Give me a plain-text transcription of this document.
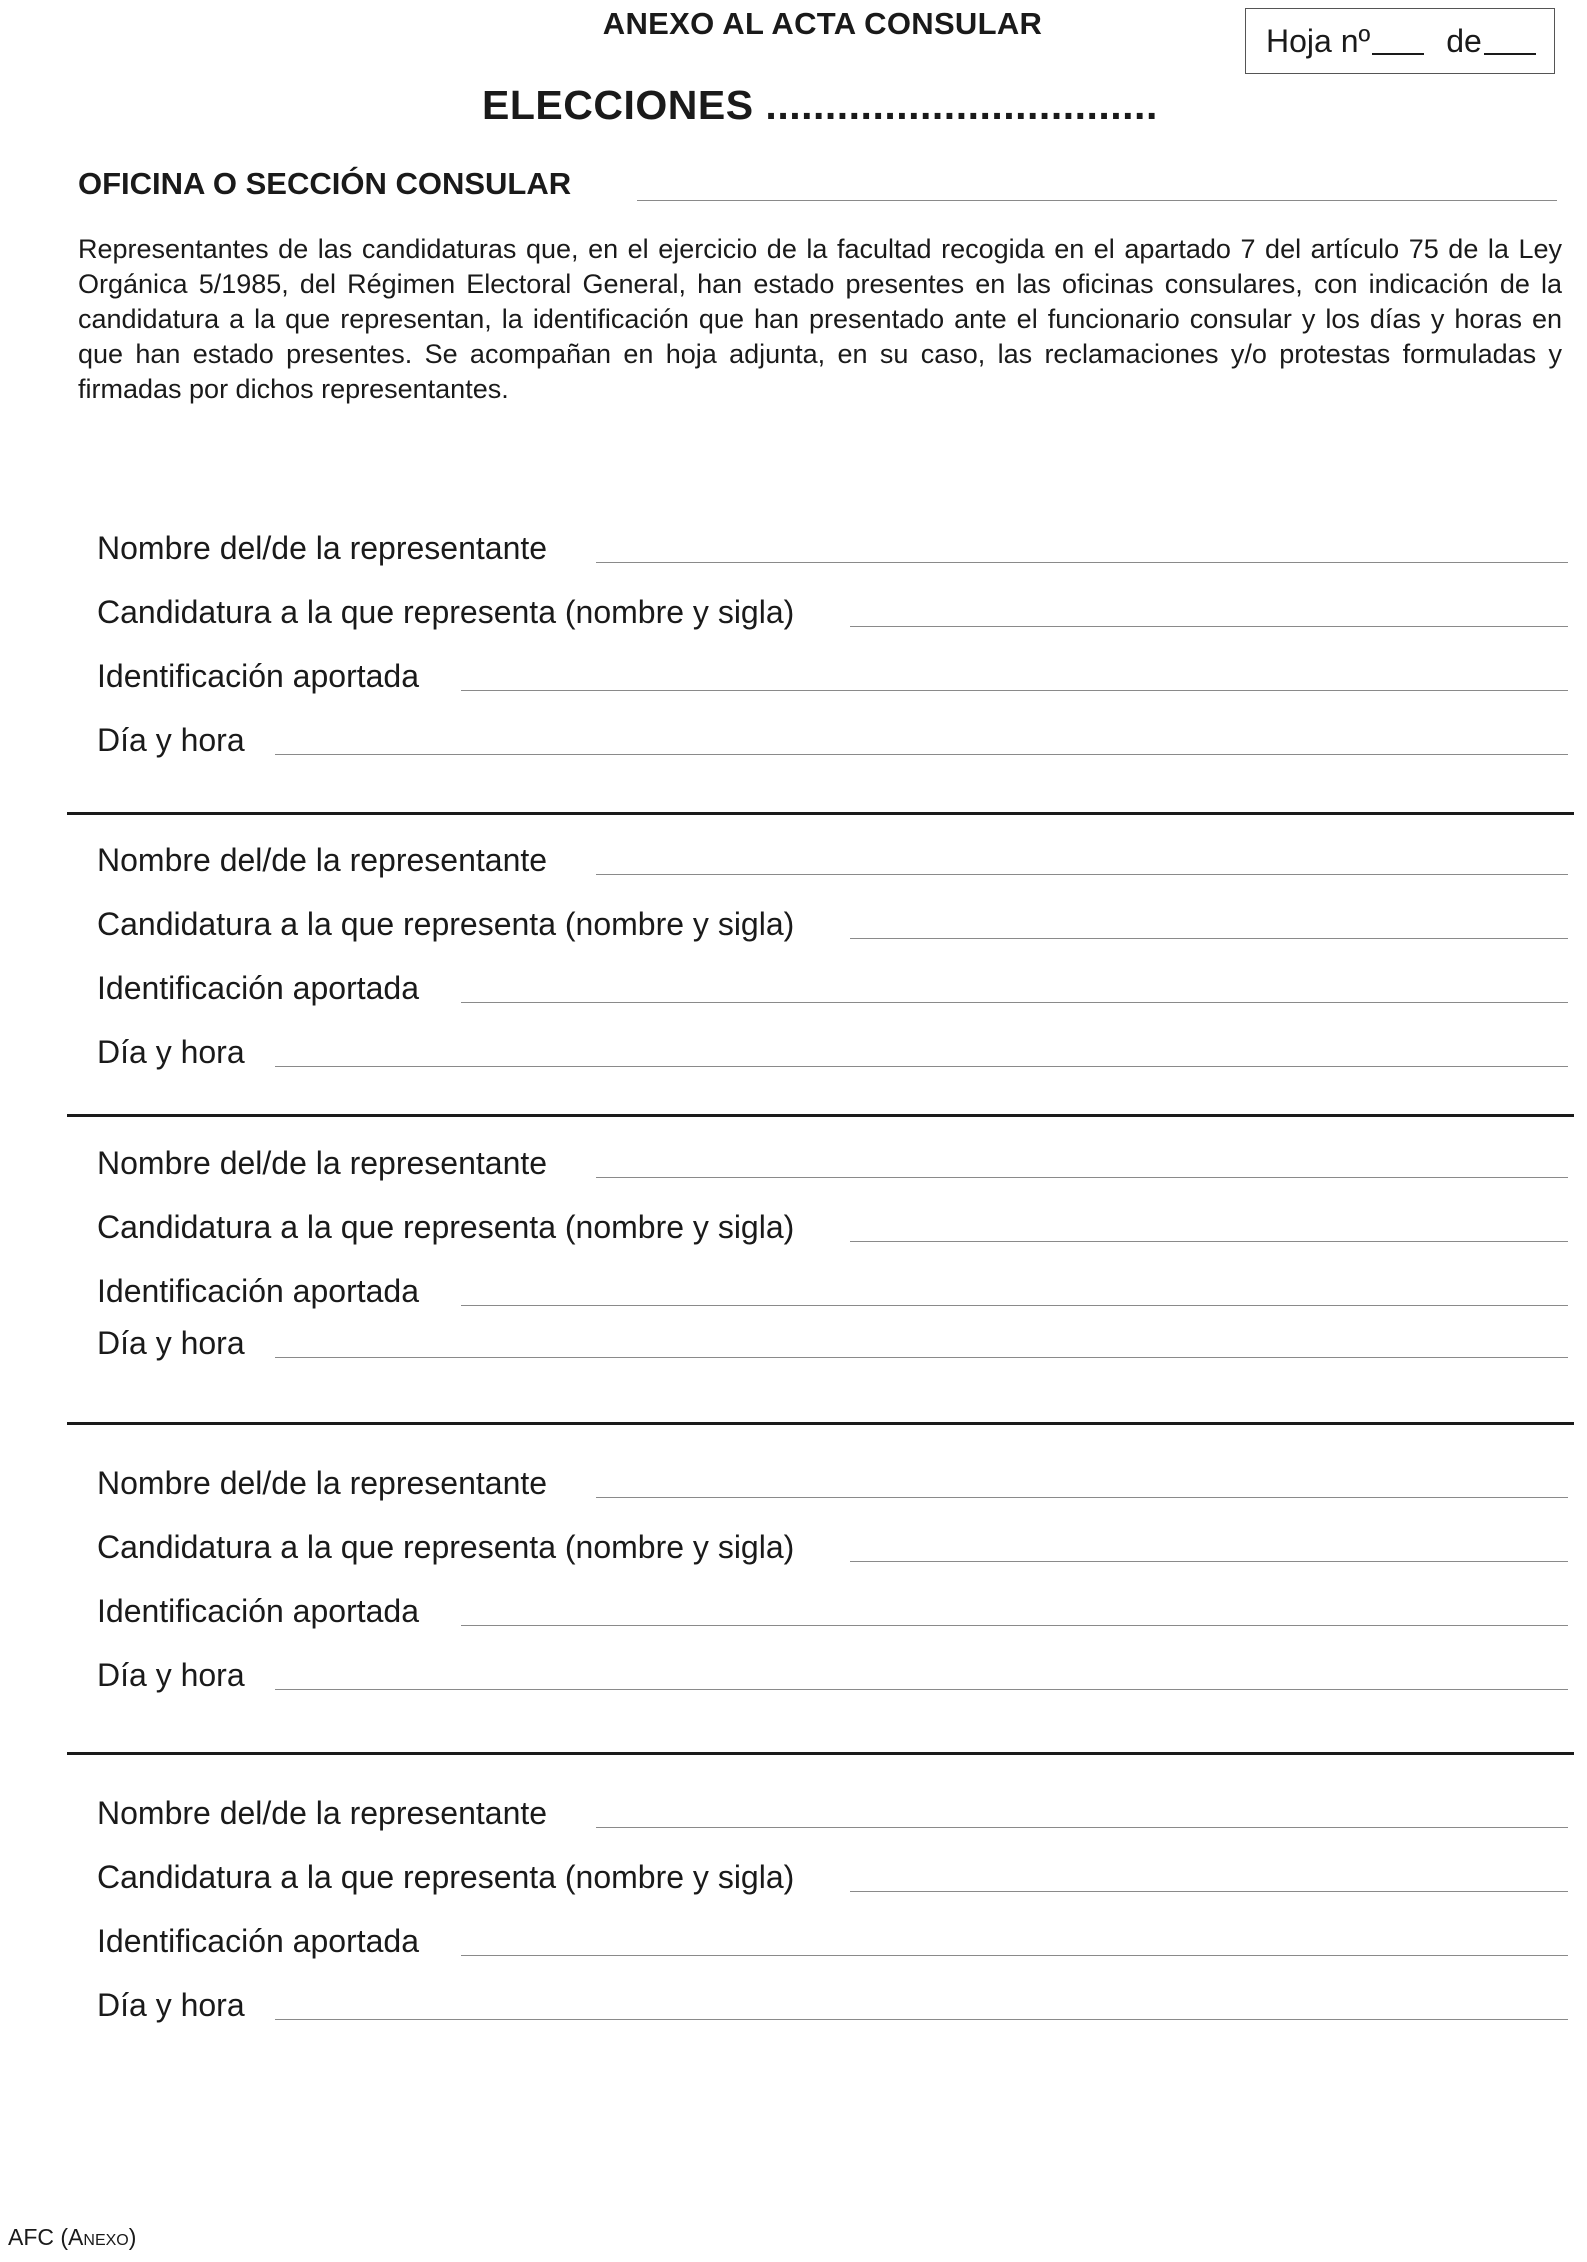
ANEXO AL ACTA CONSULAR	Hoja nº de
ELECCIONES .................................
OFICINA O SECCIÓN CONSULAR
Representantes de las candidaturas que, en el ejercicio de la facultad recogida en el apartado 7 del artículo 75 de la Ley Orgánica 5/1985, del Régimen Electoral General, han estado presentes en las oficinas consulares, con indicación de la candidatura a la que representan, la identificación que han presentado ante el funcionario consular y los días y horas en que han estado presentes. Se acompañan en hoja adjunta, en su caso, las reclamaciones y/o protestas formuladas y firmadas por dichos representantes.
Nombre del/de la representante
Candidatura a la que representa (nombre y sigla)
Identificación aportada
Día y hora
Nombre del/de la representante
Candidatura a la que representa (nombre y sigla)
Identificación aportada
Día y hora
Nombre del/de la representante
Candidatura a la que representa (nombre y sigla)
Identificación aportada
Día y hora
Nombre del/de la representante
Candidatura a la que representa (nombre y sigla)
Identificación aportada
Día y hora
Nombre del/de la representante
Candidatura a la que representa (nombre y sigla)
Identificación aportada
Día y hora
AFC (Anexo)
